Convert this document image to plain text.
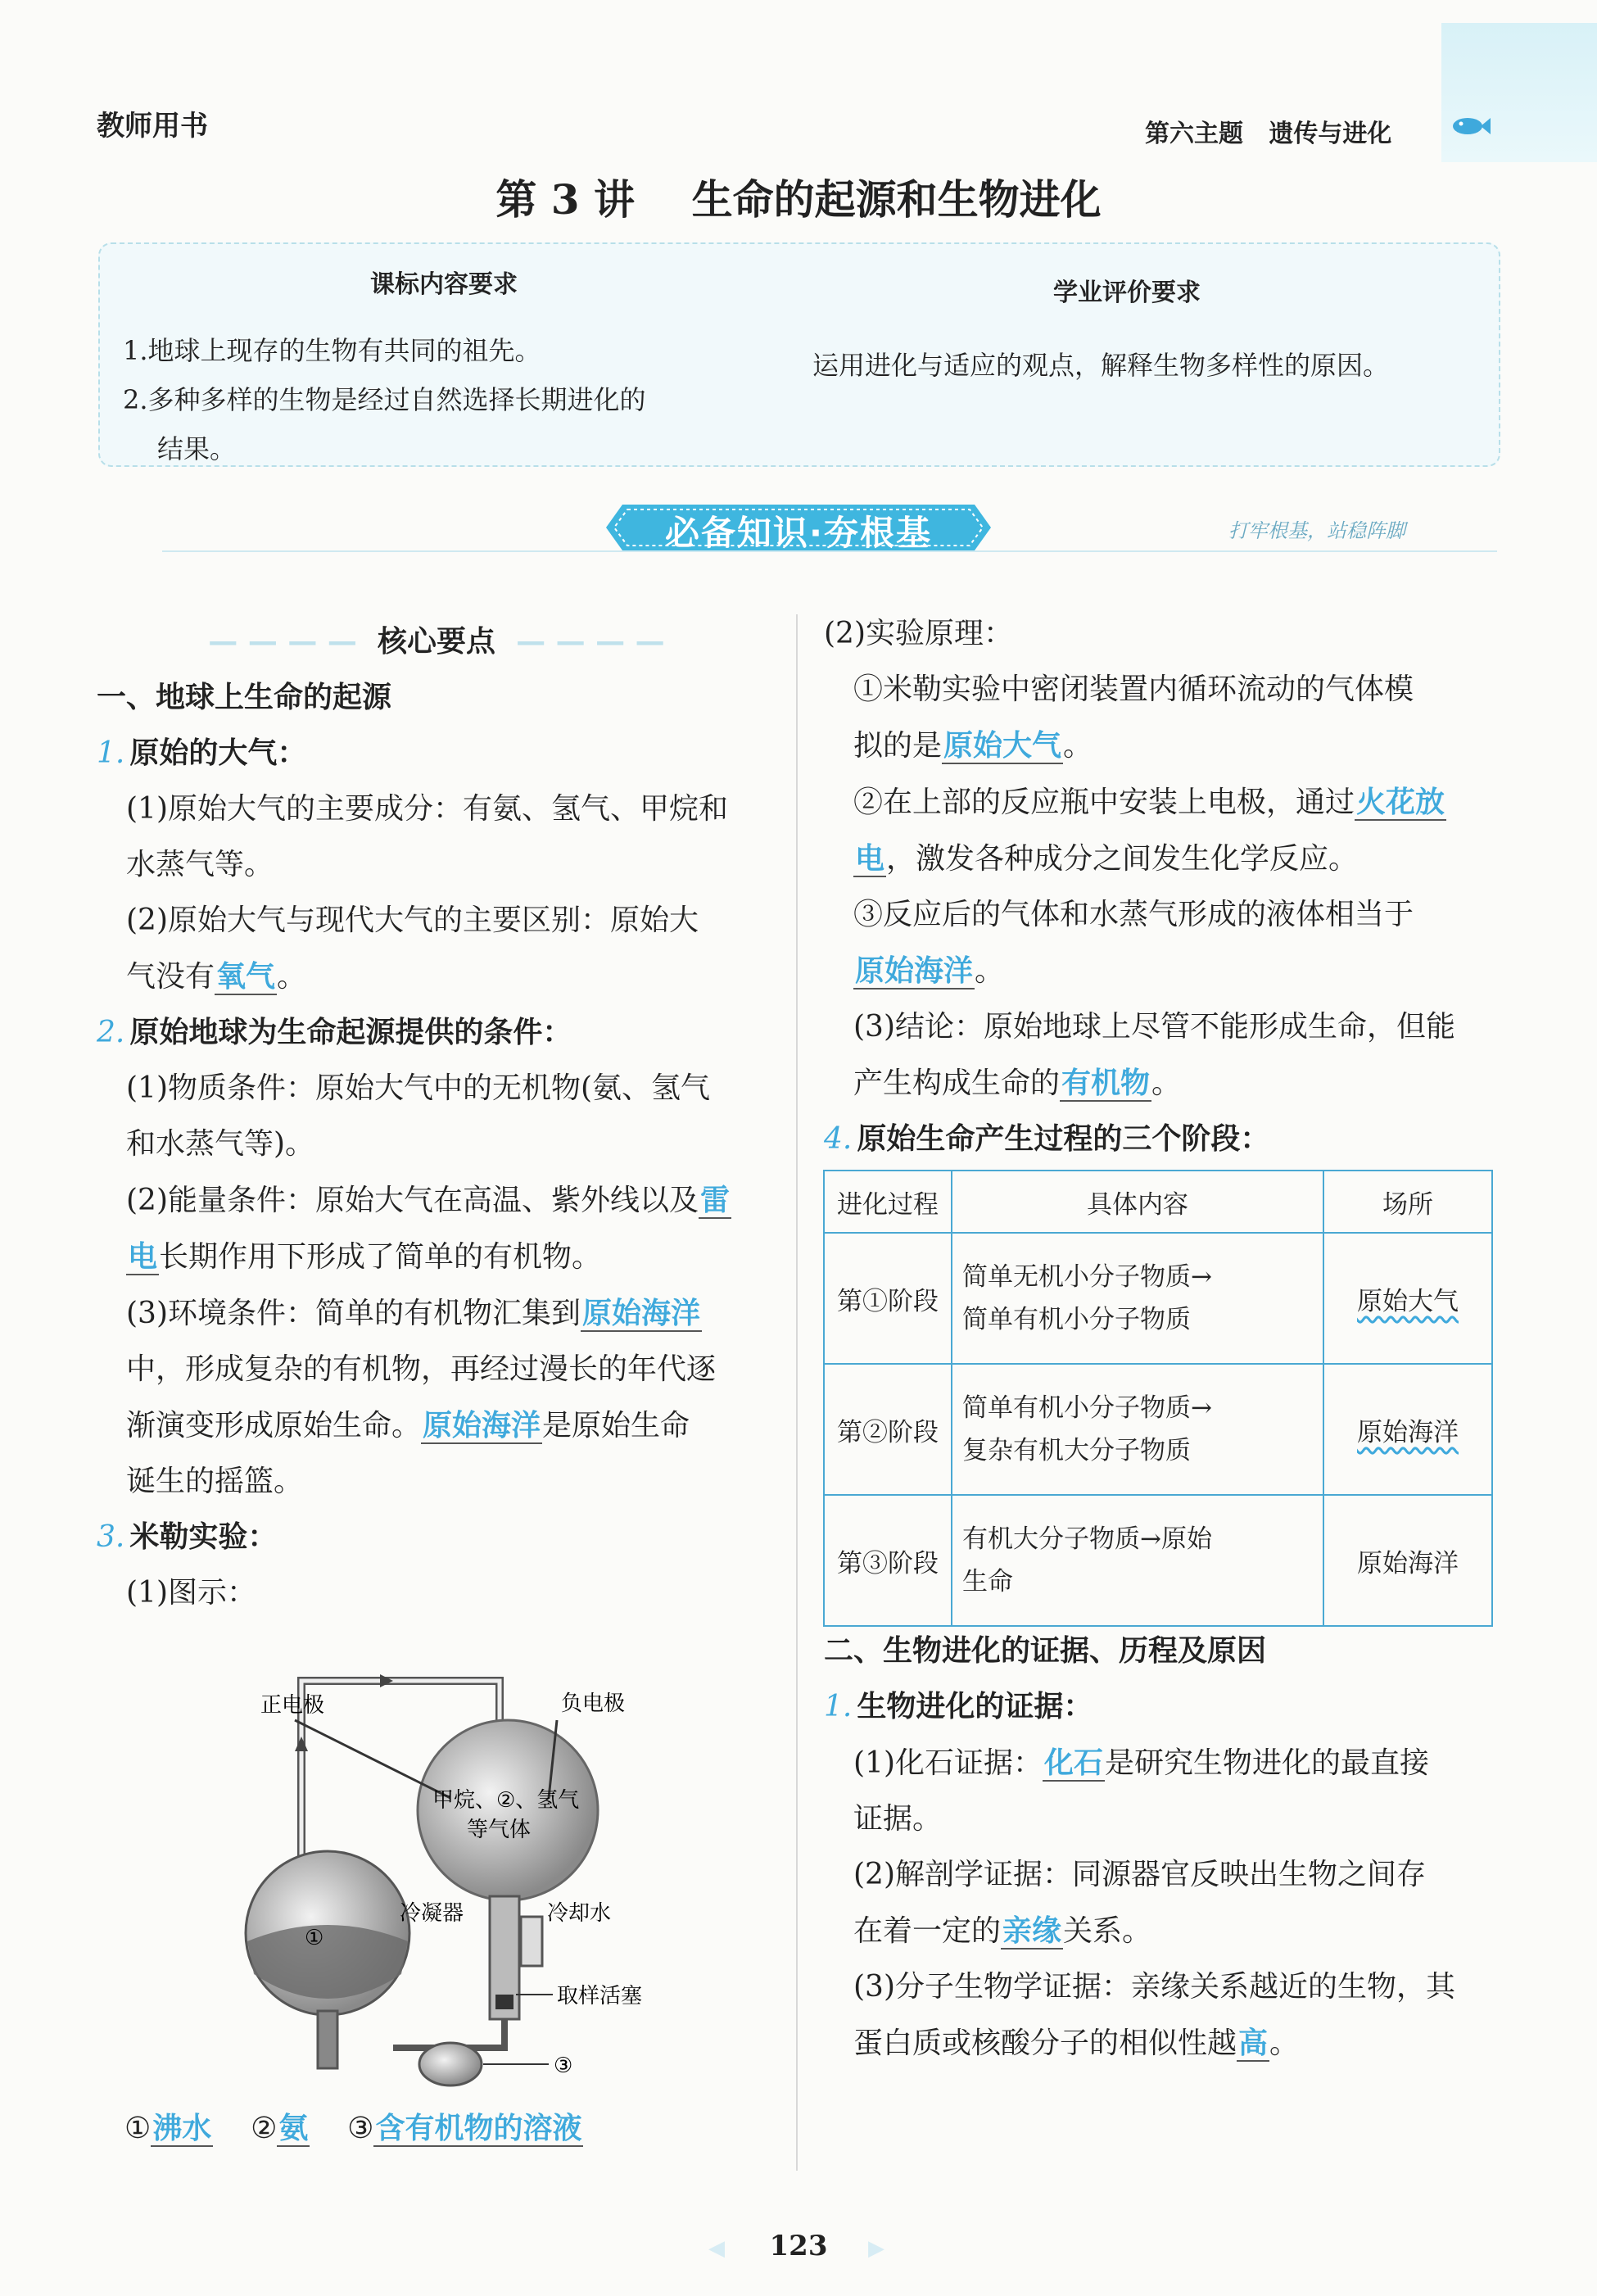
教师用书	第六主题   遗传与进化
第 3 讲    生命的起源和生物进化
课标内容要求	学业评价要求
1.地球上现存的生物有共同的祖先。
2.多种多样的生物是经过自然选择长期进化的
结果。
运用进化与适应的观点，解释生物多样性的原因。
必备知识·夯根基	打牢根基，站稳阵脚
— — — — 核心要点 — — — —
一、地球上生命的起源
1. 原始的大气：
(1)原始大气的主要成分：有氨、氢气、甲烷和
水蒸气等。
(2)原始大气与现代大气的主要区别：原始大
气没有氧气。
2. 原始地球为生命起源提供的条件：
(1)物质条件：原始大气中的无机物(氨、氢气
和水蒸气等)。
(2)能量条件：原始大气在高温、紫外线以及雷
电长期作用下形成了简单的有机物。
(3)环境条件：简单的有机物汇集到原始海洋
中，形成复杂的有机物，再经过漫长的年代逐
渐演变形成原始生命。原始海洋是原始生命
诞生的摇篮。
3. 米勒实验：
(1)图示：
正电极	负电极
甲烷、②、氢气
等气体
冷凝器	冷却水
取样活塞
①
③
①沸水 ②氨 ③含有机物的溶液
(2)实验原理：
①米勒实验中密闭装置内循环流动的气体模
拟的是原始大气。
②在上部的反应瓶中安装上电极，通过火花放
电，激发各种成分之间发生化学反应。
③反应后的气体和水蒸气形成的液体相当于
原始海洋。
(3)结论：原始地球上尽管不能形成生命，但能
产生构成生命的有机物。
4. 原始生命产生过程的三个阶段：
进化过程	具体内容	场所
第①阶段	简单无机小分子物质→
简单有机小分子物质	原始大气
第②阶段	简单有机小分子物质→
复杂有机大分子物质	原始海洋
第③阶段	有机大分子物质→原始
生命	原始海洋
二、生物进化的证据、历程及原因
1. 生物进化的证据：
(1)化石证据：化石是研究生物进化的最直接
证据。
(2)解剖学证据：同源器官反映出生物之间存
在着一定的亲缘关系。
(3)分子生物学证据：亲缘关系越近的生物，其
蛋白质或核酸分子的相似性越高。
◀	123	▶
